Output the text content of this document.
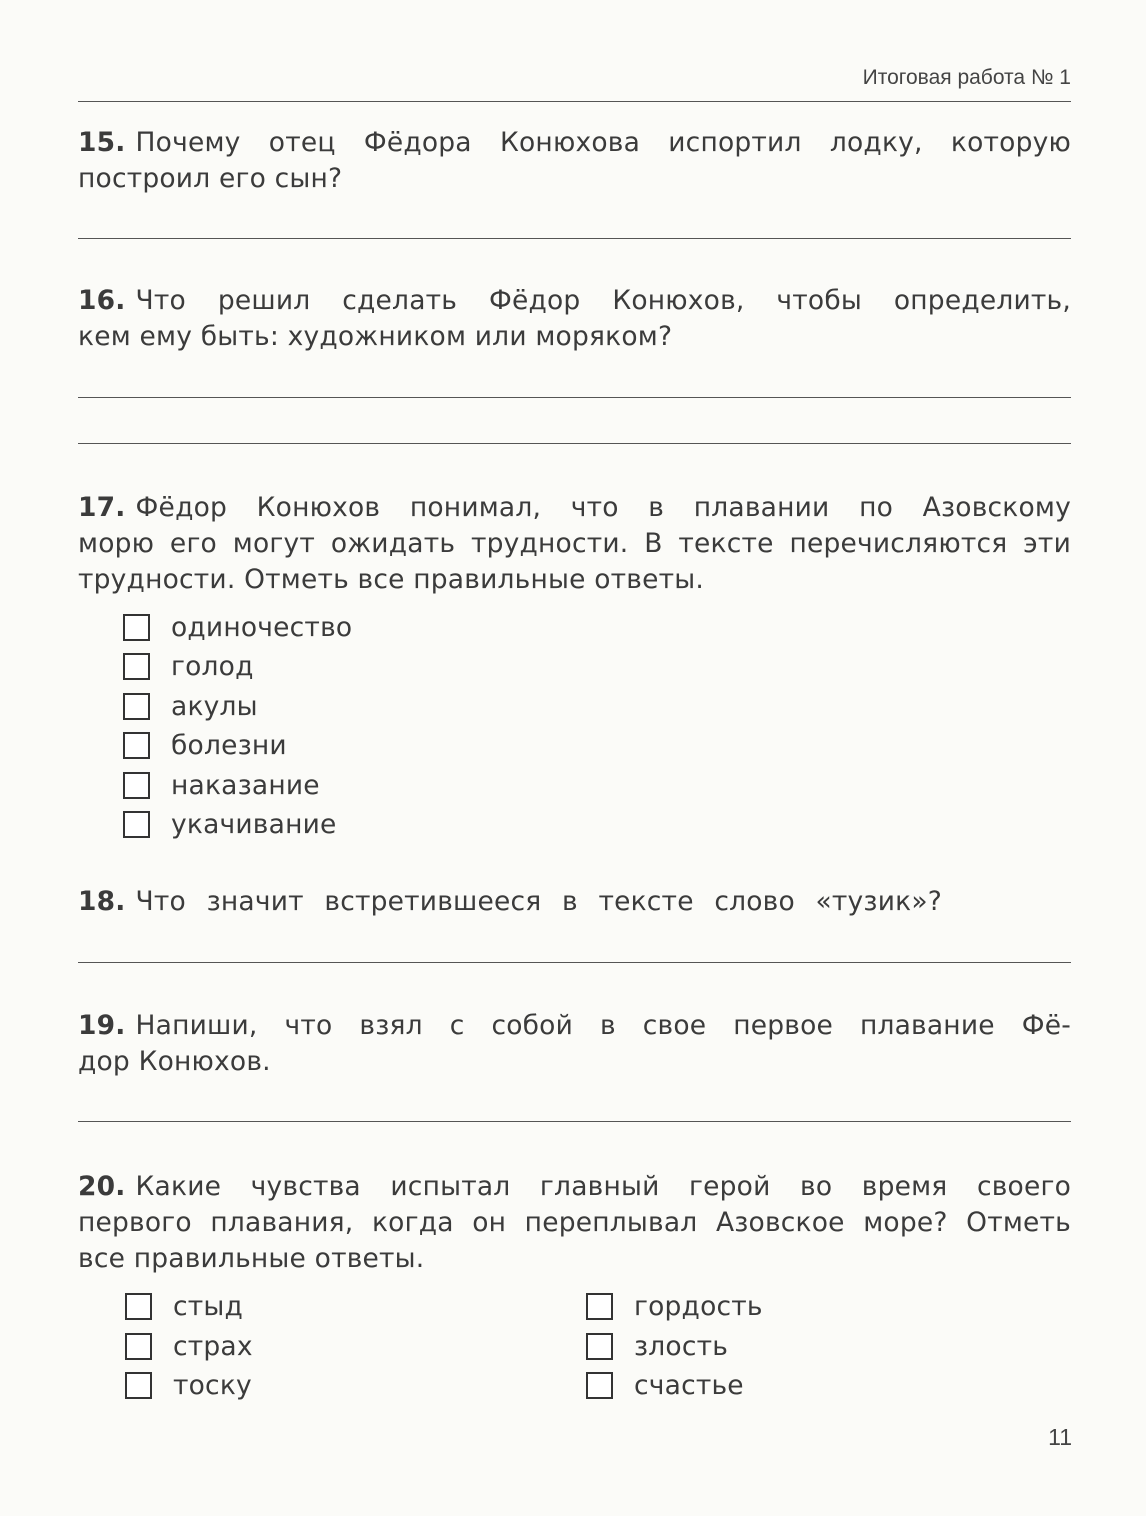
Итоговая работа № 1
15. Почему отец Фёдора Конюхова испортил лодку, которую
построил его сын?
16. Что решил сделать Фёдор Конюхов, чтобы определить,
кем ему быть: художником или моряком?
17. Фёдор Конюхов понимал, что в плавании по Азовскому
морю его могут ожидать трудности. В тексте перечисляются эти
трудности. Отметь все правильные ответы.
одиночество
голод
акулы
болезни
наказание
укачивание
18. Что значит встретившееся в тексте слово «тузик»?
19. Напиши, что взял с собой в свое первое плавание Фё-
дор Конюхов.
20. Какие чувства испытал главный герой во время своего
первого плавания, когда он переплывал Азовское море? Отметь
все правильные ответы.
стыд
страх
тоску
гордость
злость
счастье
11
